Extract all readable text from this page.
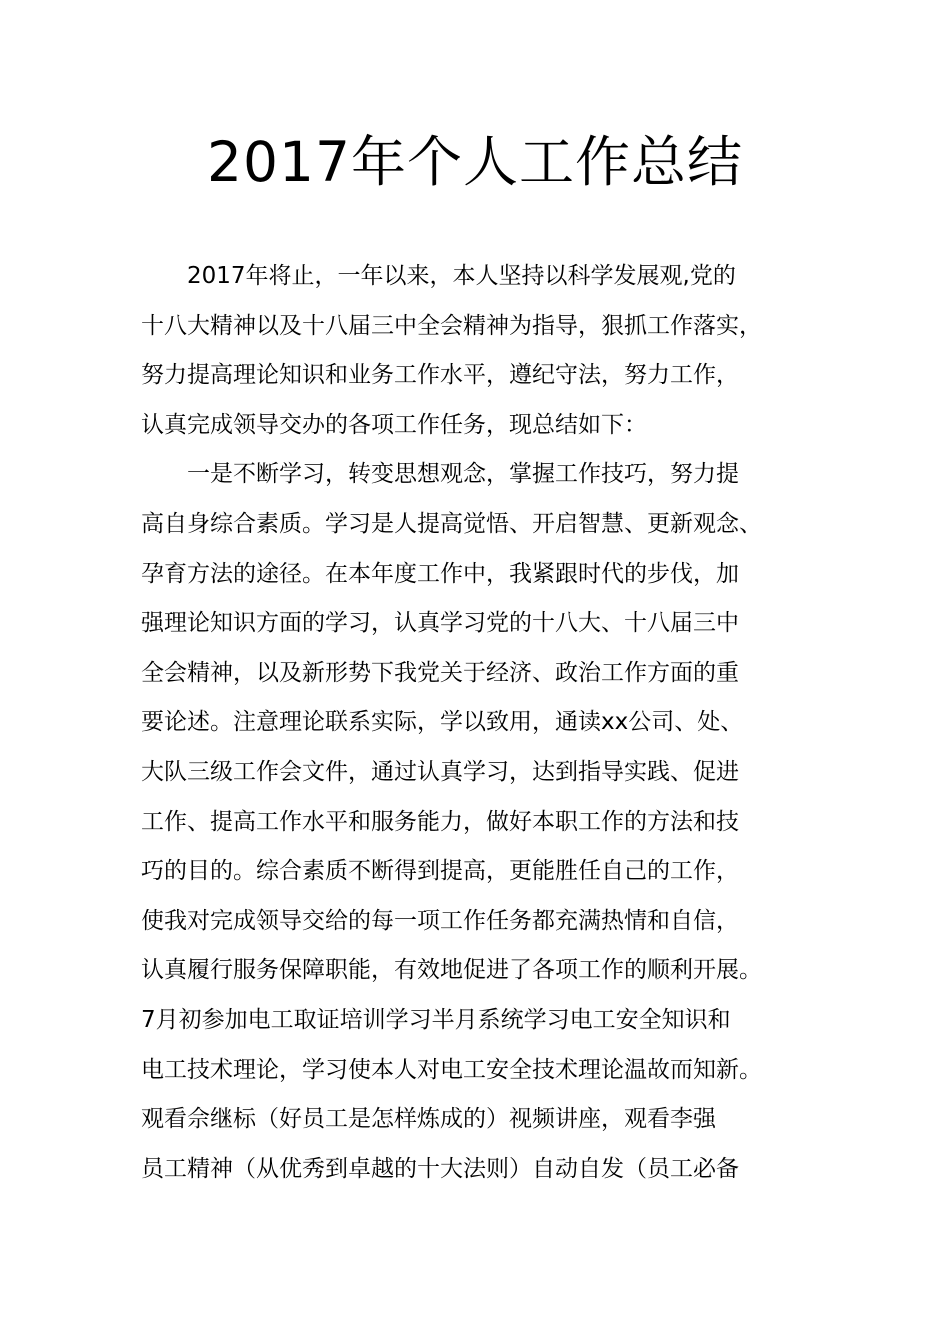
2017年个人工作总结
2017年将止，一年以来，本人坚持以科学发展观,党的
十八大精神以及十八届三中全会精神为指导，狠抓工作落实，
努力提高理论知识和业务工作水平，遵纪守法，努力工作，
认真完成领导交办的各项工作任务，现总结如下：
一是不断学习，转变思想观念，掌握工作技巧，努力提
高自身综合素质。学习是人提高觉悟、开启智慧、更新观念、
孕育方法的途径。在本年度工作中，我紧跟时代的步伐，加
强理论知识方面的学习，认真学习党的十八大、十八届三中
全会精神，以及新形势下我党关于经济、政治工作方面的重
要论述。注意理论联系实际，学以致用，通读xx公司、处、
大队三级工作会文件，通过认真学习，达到指导实践、促进
工作、提高工作水平和服务能力，做好本职工作的方法和技
巧的目的。综合素质不断得到提高，更能胜任自己的工作，
使我对完成领导交给的每一项工作任务都充满热情和自信，
认真履行服务保障职能，有效地促进了各项工作的顺利开展。
7月初参加电工取证培训学习半月系统学习电工安全知识和
电工技术理论，学习使本人对电工安全技术理论温故而知新。
观看佘继标（好员工是怎样炼成的）视频讲座，观看李强
员工精神（从优秀到卓越的十大法则）自动自发（员工必备
